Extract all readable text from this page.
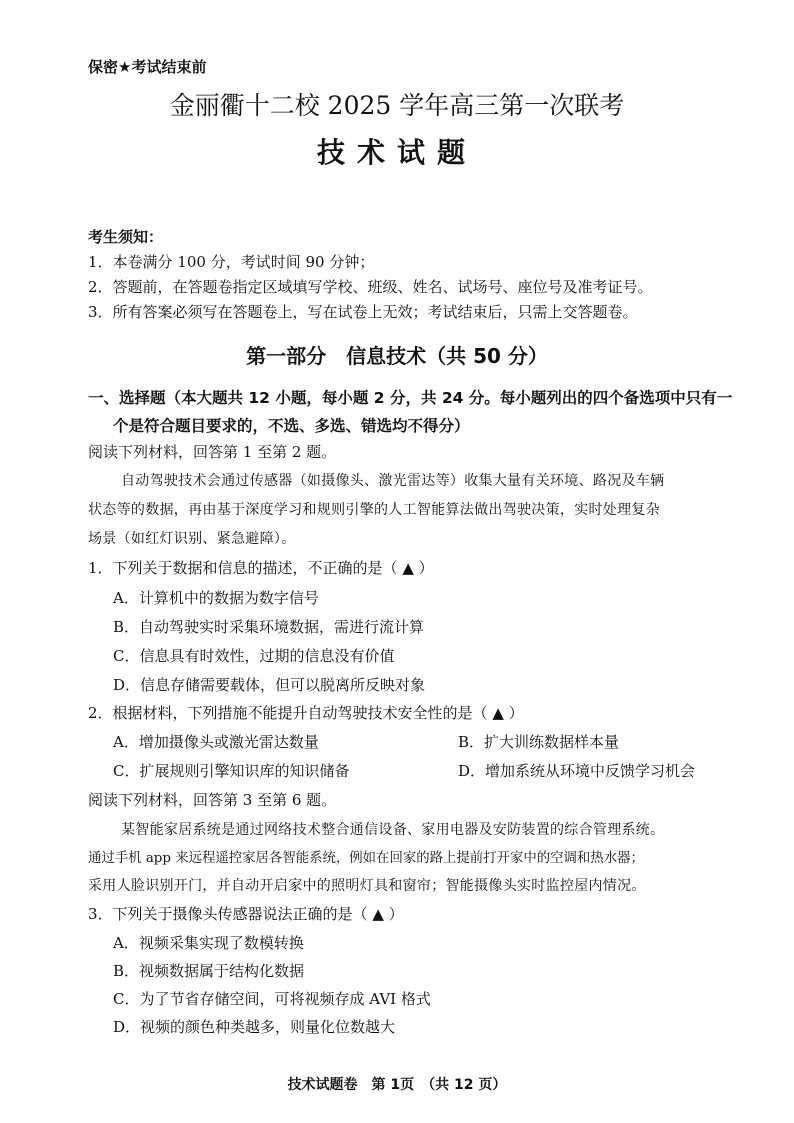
保密★考试结束前
金丽衢十二校 2025 学年高三第一次联考
技术试题
考生须知：
1．本卷满分 100 分，考试时间 90 分钟；
2．答题前，在答题卷指定区域填写学校、班级、姓名、试场号、座位号及准考证号。
3．所有答案必须写在答题卷上，写在试卷上无效；考试结束后，只需上交答题卷。
第一部分　信息技术（共 50 分）
一、选择题（本大题共 12 小题，每小题 2 分，共 24 分。每小题列出的四个备选项中只有一
个是符合题目要求的，不选、多选、错选均不得分）
阅读下列材料，回答第 1 至第 2 题。
自动驾驶技术会通过传感器（如摄像头、激光雷达等）收集大量有关环境、路况及车辆
状态等的数据，再由基于深度学习和规则引擎的人工智能算法做出驾驶决策，实时处理复杂
场景（如红灯识别、紧急避障）。
1．下列关于数据和信息的描述，不正确的是（ ▲ ）
A．计算机中的数据为数字信号
B．自动驾驶实时采集环境数据，需进行流计算
C．信息具有时效性，过期的信息没有价值
D．信息存储需要载体，但可以脱离所反映对象
2．根据材料，下列措施不能提升自动驾驶技术安全性的是（ ▲ ）
A．增加摄像头或激光雷达数量	B．扩大训练数据样本量
C．扩展规则引擎知识库的知识储备	D．增加系统从环境中反馈学习机会
阅读下列材料，回答第 3 至第 6 题。
某智能家居系统是通过网络技术整合通信设备、家用电器及安防装置的综合管理系统。
通过手机 app 来远程遥控家居各智能系统，例如在回家的路上提前打开家中的空调和热水器；
采用人脸识别开门，并自动开启家中的照明灯具和窗帘；智能摄像头实时监控屋内情况。
3．下列关于摄像头传感器说法正确的是（ ▲ ）
A．视频采集实现了数模转换
B．视频数据属于结构化数据
C．为了节省存储空间，可将视频存成 AVI 格式
D．视频的颜色种类越多，则量化位数越大
技术试题卷　第 1页　（共 12 页）
